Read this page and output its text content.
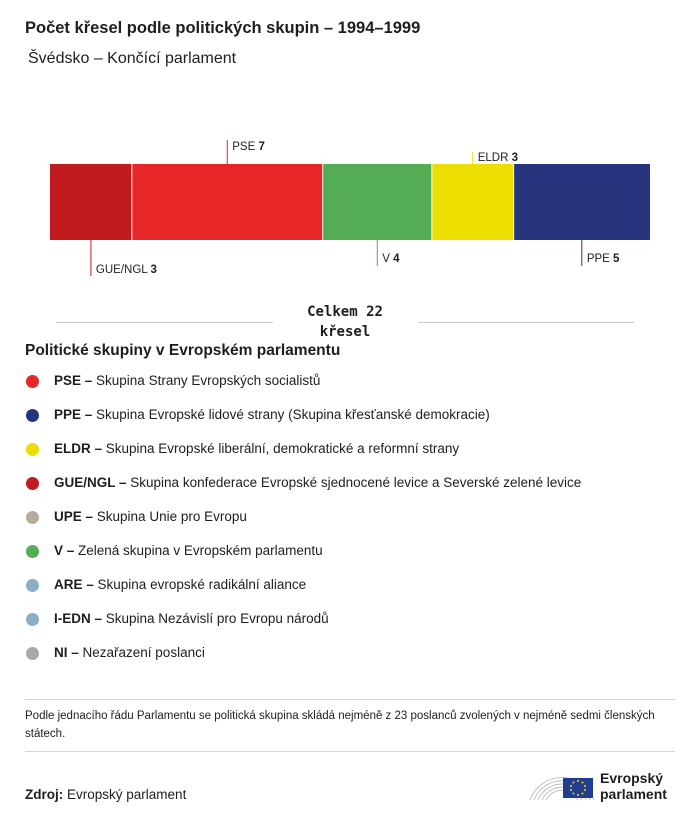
Počet křesel podle politických skupin – 1994–1999
Švédsko – Končící parlament
GUE/NGL 3
PSE 7
V 4
ELDR 3
PPE 5
Celkem 22
křesel
Politické skupiny v Evropském parlamentu
PSE – Skupina Strany Evropských socialistů
PPE – Skupina Evropské lidové strany (Skupina křesťanské demokracie)
ELDR – Skupina Evropské liberální, demokratické a reformní strany
GUE/NGL – Skupina konfederace Evropské sjednocené levice a Severské zelené levice
UPE – Skupina Unie pro Evropu
V – Zelená skupina v Evropském parlamentu
ARE – Skupina evropské radikální aliance
I-EDN – Skupina Nezávislí pro Evropu národů
NI – Nezařazení poslanci
Podle jednacího řádu Parlamentu se politická skupina skládá nejméně z 23 poslanců zvolených v nejméně sedmi členských státech.
Zdroj: Evropský parlament
Evropský
parlament
